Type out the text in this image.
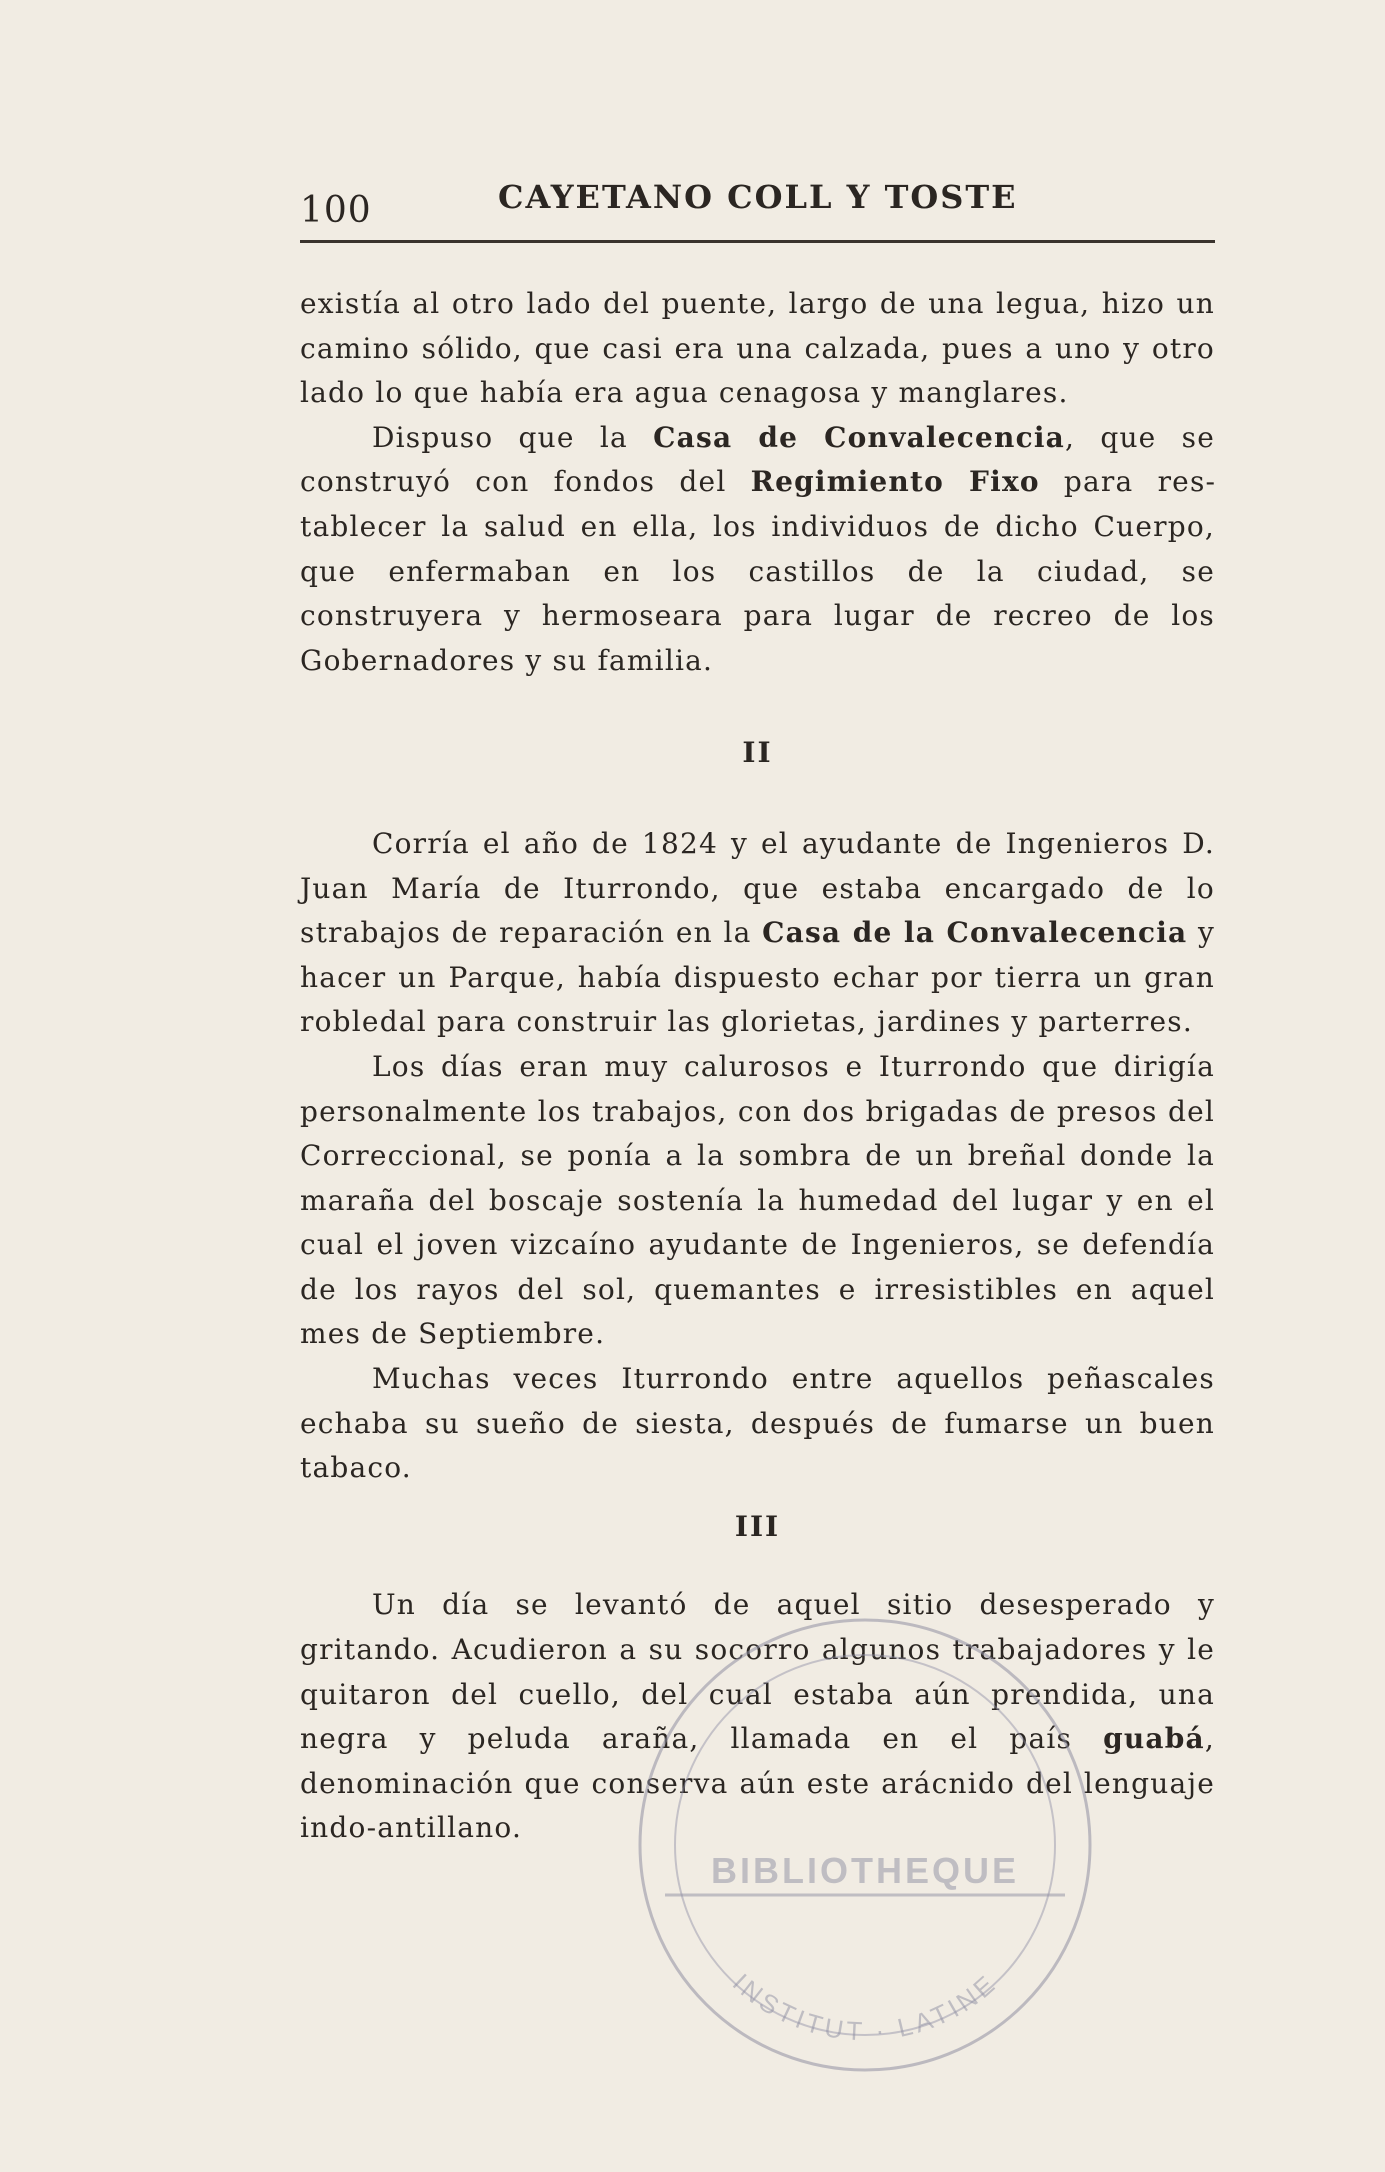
100	CAYETANO COLL Y TOSTE

existía al otro lado del puente, largo de una legua, hizo un camino sólido, que casi era una calzada, pues a uno y otro lado lo que había era agua cenagosa y manglares.

Dispuso que la Casa de Convalecencia, que se construyó con fondos del Regimiento Fixo para restablecer la salud en ella, los individuos de dicho Cuerpo, que enfermaban en los castillos de la ciudad, se construyera y hermoseara para lugar de recreo de los Gobernadores y su familia.

II

Corría el año de 1824 y el ayudante de Ingenieros D. Juan María de Iturrondo, que estaba encargado de lo strabajos de reparación en la Casa de la Convalecencia y hacer un Parque, había dispuesto echar por tierra un gran robledal para construir las glorietas, jardines y parterres.

Los días eran muy calurosos e Iturrondo que dirigía personalmente los trabajos, con dos brigadas de presos del Correccional, se ponía a la sombra de un breñal donde la maraña del boscaje sostenía la humedad del lugar y en el cual el joven vizcaíno ayudante de Ingenieros, se defendía de los rayos del sol, quemantes e irresistibles en aquel mes de Septiembre.

Muchas veces Iturrondo entre aquellos peñascales echaba su sueño de siesta, después de fumarse un buen tabaco.

III

Un día se levantó de aquel sitio desesperado y gritando. Acudieron a su socorro algunos trabajadores y le quitaron del cuello, del cual estaba aún prendida, una negra y peluda araña, llamada en el país guabá, denominación que conserva aún este arácnido del lenguaje indo-antillano.

BIBLIOTHEQUE
INSTITUT · LATINE
